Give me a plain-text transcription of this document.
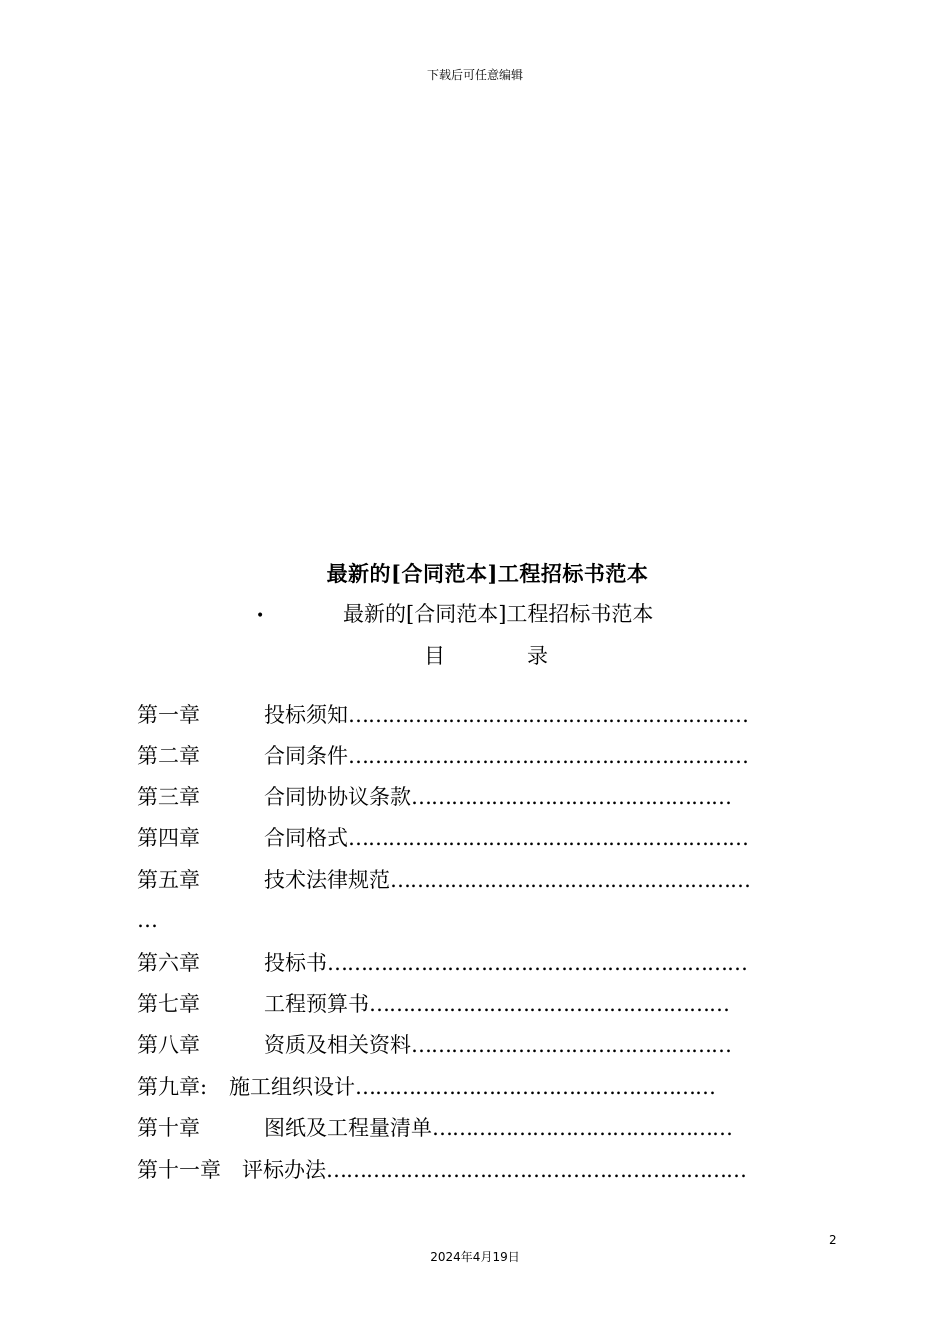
下载后可任意编辑
最新的[合同范本]工程招标书范本
•	最新的[合同范本]工程招标书范本
目	录
第一章	投标须知……………………………………………………
第二章	合同条件……………………………………………………
第三章	合同协协议条款…………………………………………
第四章	合同格式……………………………………………………
第五章	技术法律规范………………………………………………
…
第六章	投标书………………………………………………………
第七章	工程预算书………………………………………………
第八章	资质及相关资料…………………………………………
第九章: 施工组织设计………………………………………………
第十章	图纸及工程量清单………………………………………
第十一章 评标办法………………………………………………………
2
2024年4月19日
